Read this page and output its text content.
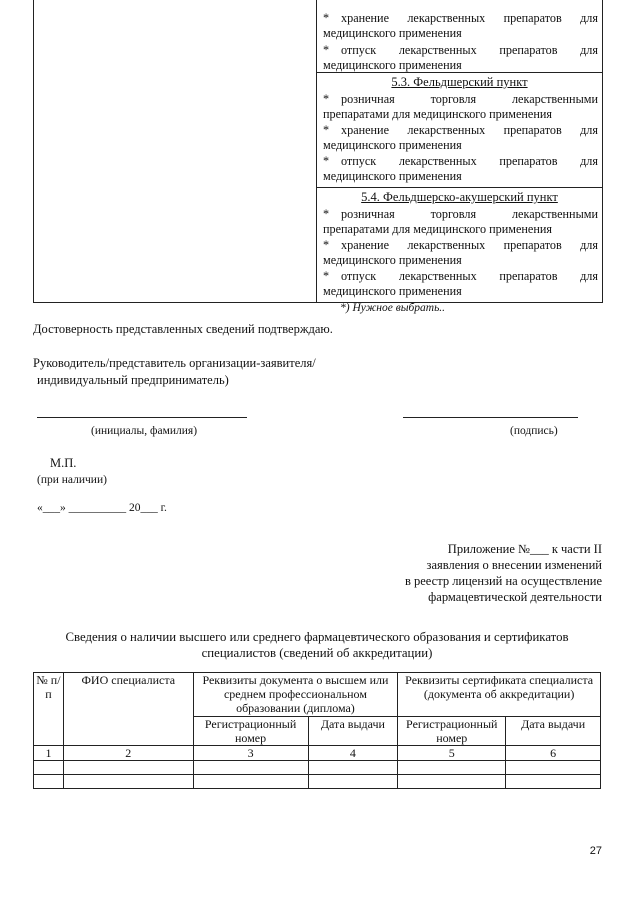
* хранение лекарственных препаратов для медицинского применения
* отпуск лекарственных препаратов для медицинского применения
5.3. Фельдшерский пункт
* розничная торговля лекарственными препаратами для медицинского применения
* хранение лекарственных препаратов для медицинского применения
* отпуск лекарственных препаратов для медицинского применения
5.4. Фельдшерско-акушерский пункт
* розничная торговля лекарственными препаратами для медицинского применения
* хранение лекарственных препаратов для медицинского применения
* отпуск лекарственных препаратов для медицинского применения
*) Нужное выбрать..
Достоверность представленных сведений подтверждаю.
Руководитель/представитель организации-заявителя/
индивидуальный предприниматель)
(инициалы, фамилия)	(подпись)
М.П.
(при наличии)
«___» __________ 20___ г.
Приложение №___ к части II
заявления о внесении изменений
в реестр лицензий на осуществление
фармацевтической деятельности
Сведения о наличии высшего или среднего фармацевтического образования и сертификатов
специалистов (сведений об аккредитации)
№ п/п	ФИО специалиста	Реквизиты документа о высшем или среднем профессиональном образовании (диплома)		Реквизиты сертификата специалиста (документа об аккредитации)	
		Регистрационный номер	Дата выдачи	Регистрационный номер	Дата выдачи
1	2	3	4	5	6

27
